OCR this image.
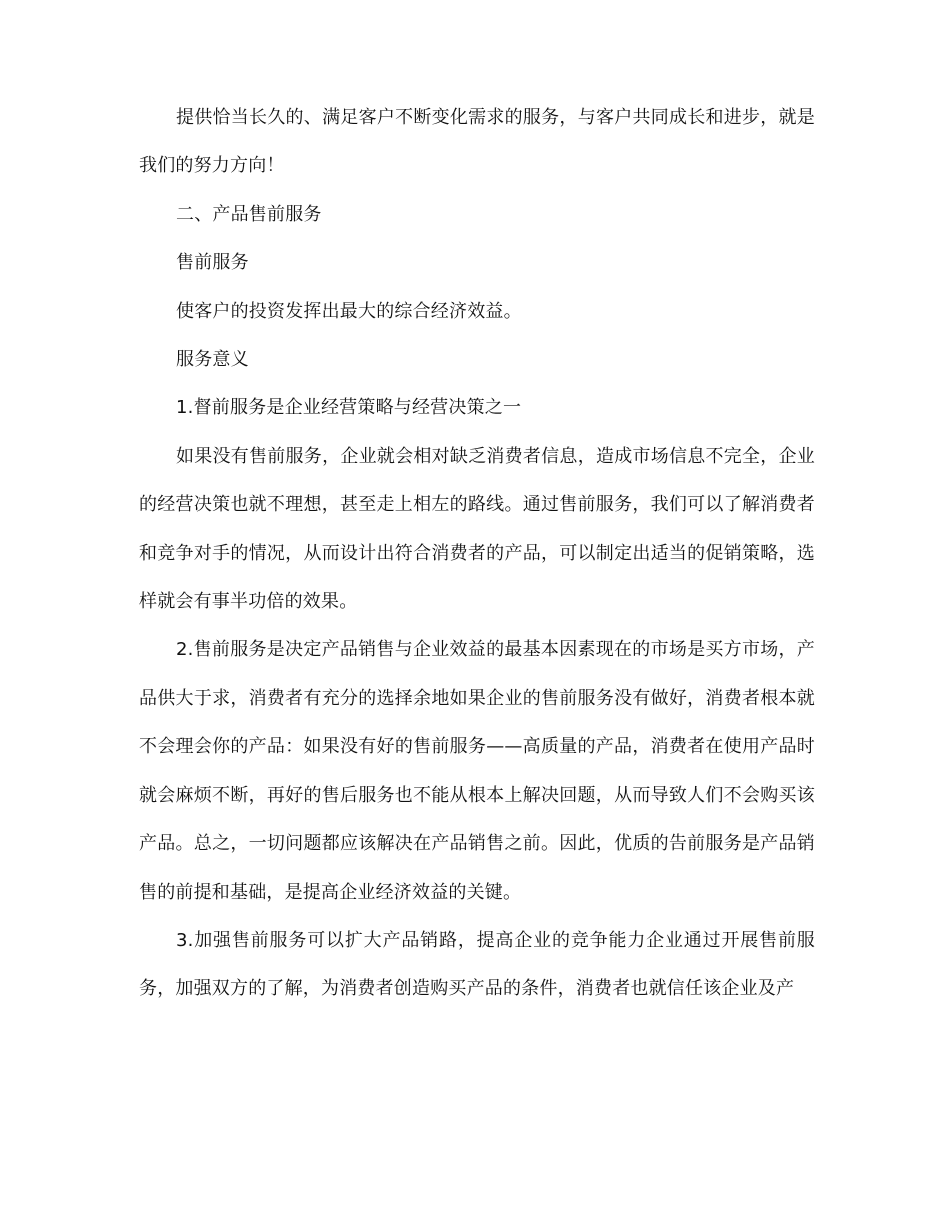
提供恰当长久的、满足客户不断变化需求的服务，与客户共同成长和进步，就是我们的努力方向！

二、产品售前服务

售前服务

使客户的投资发挥出最大的综合经济效益。

服务意义

1.督前服务是企业经营策略与经营决策之一

如果没有售前服务，企业就会相对缺乏消费者信息，造成市场信息不完全，企业的经营决策也就不理想，甚至走上相左的路线。通过售前服务，我们可以了解消费者和竞争对手的情况，从而设计出符合消费者的产品，可以制定出适当的促销策略，选样就会有事半功倍的效果。

2.售前服务是决定产品销售与企业效益的最基本因素现在的市场是买方市场，产品供大于求，消费者有充分的选择余地如果企业的售前服务没有做好，消费者根本就不会理会你的产品：如果没有好的售前服务——高质量的产品，消费者在使用产品时就会麻烦不断，再好的售后服务也不能从根本上解决回题，从而导致人们不会购买该产品。总之，一切问题都应该解决在产品销售之前。因此，优质的告前服务是产品销售的前提和基础，是提高企业经济效益的关键。

3.加强售前服务可以扩大产品销路，提高企业的竞争能力企业通过开展售前服务，加强双方的了解，为消费者创造购买产品的条件，消费者也就信任该企业及产
